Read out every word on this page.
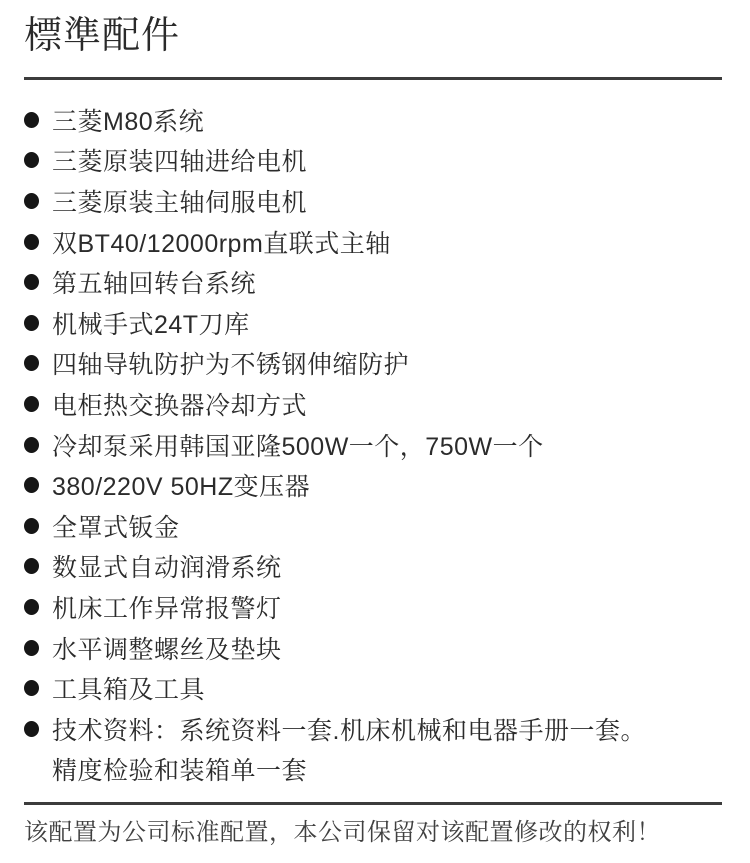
標準配件
三菱M80系统
三菱原装四轴进给电机
三菱原装主轴伺服电机
双BT40/12000rpm直联式主轴
第五轴回转台系统
机械手式24T刀库
四轴导轨防护为不锈钢伸缩防护
电柜热交换器冷却方式
冷却泵采用韩国亚隆500W一个，750W一个
380/220V 50HZ变压器
全罩式钣金
数显式自动润滑系统
机床工作异常报警灯
水平调整螺丝及垫块
工具箱及工具
技术资料：系统资料一套.机床机械和电器手册一套。
精度检验和装箱单一套
该配置为公司标准配置，本公司保留对该配置修改的权利！
